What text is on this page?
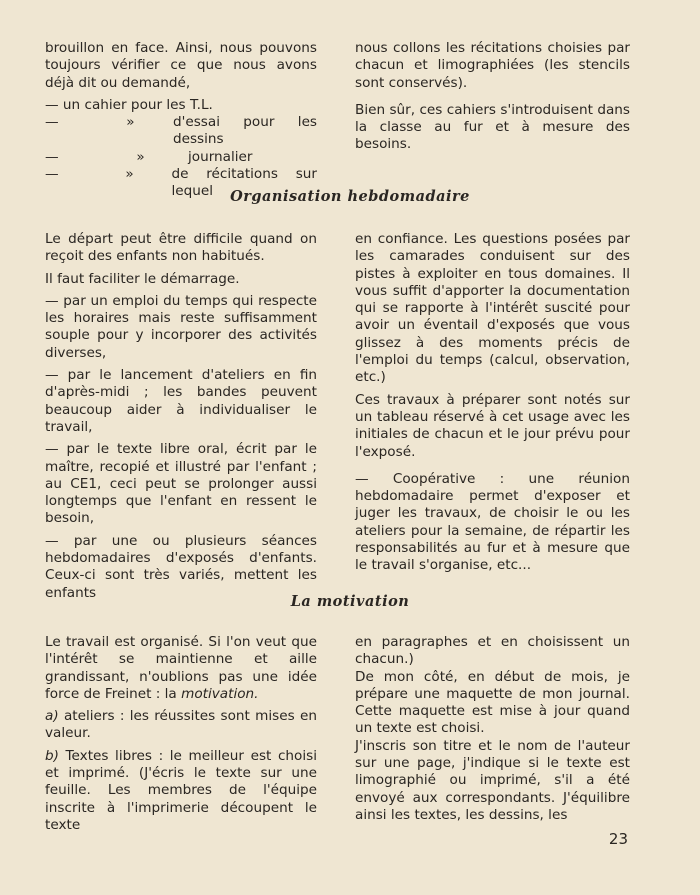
brouillon en face. Ainsi, nous pouvons toujours vérifier ce que nous avons déjà dit ou demandé,

— un cahier pour les T.L.

—	»	d'essai pour les dessins
—	»	journalier
—	»	de récitations sur lequel

nous collons les récitations choisies par chacun et limographiées (les stencils sont conservés).

Bien sûr, ces cahiers s'introduisent dans la classe au fur et à mesure des besoins.

Organisation hebdomadaire

Le départ peut être difficile quand on reçoit des enfants non habitués.

Il faut faciliter le démarrage.

— par un emploi du temps qui respecte les horaires mais reste suffisamment souple pour y incorporer des activités diverses,

— par le lancement d'ateliers en fin d'après-midi ; les bandes peuvent beaucoup aider à individualiser le travail,

— par le texte libre oral, écrit par le maître, recopié et illustré par l'enfant ; au CE1, ceci peut se prolonger aussi longtemps que l'enfant en ressent le besoin,

— par une ou plusieurs séances hebdomadaires d'exposés d'enfants. Ceux-ci sont très variés, mettent les enfants

en confiance. Les questions posées par les camarades conduisent sur des pistes à exploiter en tous domaines. Il vous suffit d'apporter la documentation qui se rapporte à l'intérêt suscité pour avoir un éventail d'exposés que vous glissez à des moments précis de l'emploi du temps (calcul, observation, etc.)

Ces travaux à préparer sont notés sur un tableau réservé à cet usage avec les initiales de chacun et le jour prévu pour l'exposé.

— Coopérative : une réunion hebdomadaire permet d'exposer et juger les travaux, de choisir le ou les ateliers pour la semaine, de répartir les responsabilités au fur et à mesure que le travail s'organise, etc...

La motivation

Le travail est organisé. Si l'on veut que l'intérêt se maintienne et aille grandissant, n'oublions pas une idée force de Freinet : la motivation.

a) ateliers : les réussites sont mises en valeur.

b) Textes libres : le meilleur est choisi et imprimé. (J'écris le texte sur une feuille. Les membres de l'équipe inscrite à l'imprimerie découpent le texte

en paragraphes et en choisissent un chacun.)

De mon côté, en début de mois, je prépare une maquette de mon journal. Cette maquette est mise à jour quand un texte est choisi.

J'inscris son titre et le nom de l'auteur sur une page, j'indique si le texte est limographié ou imprimé, s'il a été envoyé aux correspondants. J'équilibre ainsi les textes, les dessins, les

23
